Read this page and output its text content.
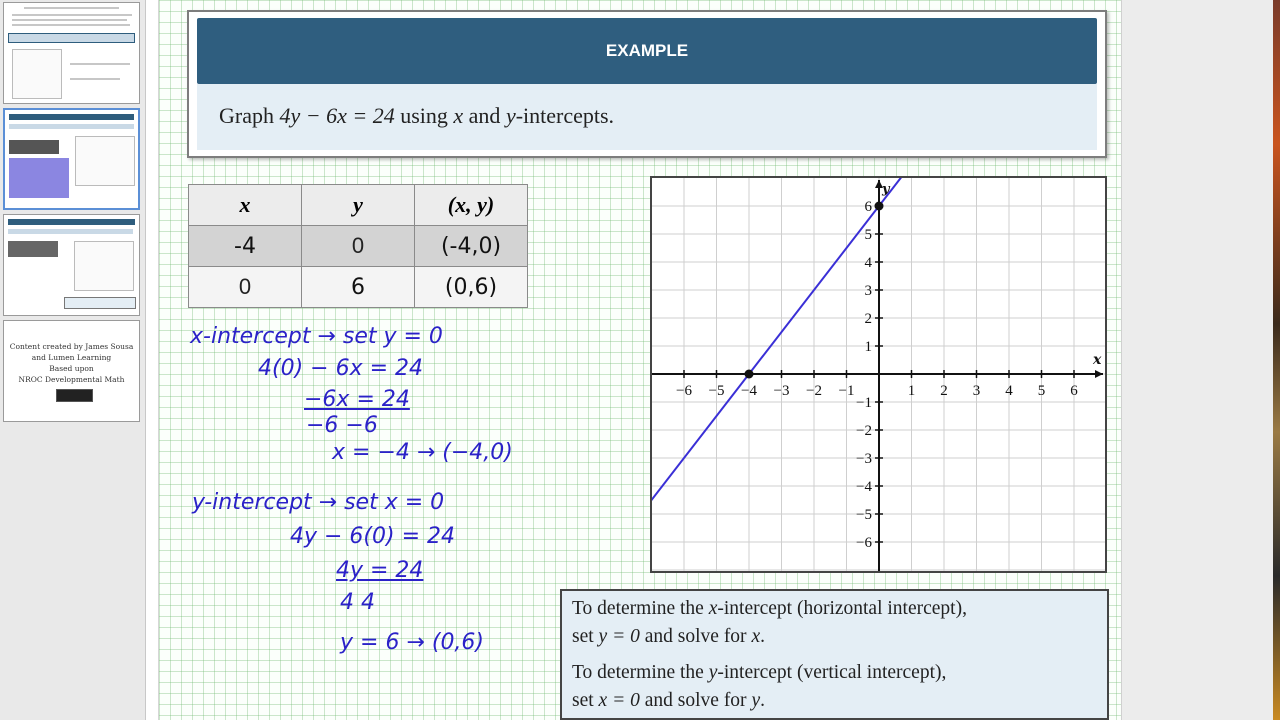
Content created by James Sousa
and Lumen Learning
Based upon
NROC Developmental Math
EXAMPLE
Graph 4y − 6x = 24 using x and y-intercepts.
x	y	(x, y)
-4	0	(-4,0)
0	6	(0,6)
x-intercept → set y = 0
4(0) − 6x = 24
−6x = 24
−6 −6
x = −4 → (−4,0)
y-intercept → set x = 0
4y − 6(0) = 24
4y = 24
4 4
y = 6 → (0,6)
x
y
−6 −5 −4 −3 −2 −1	1 2 3 4 5 6
−6
−5
−4
−3
−2
−1
1
2
3
4
5
6

To determine the x-intercept (horizontal intercept),
set y = 0 and solve for x.

To determine the y-intercept (vertical intercept),
set x = 0 and solve for y.
